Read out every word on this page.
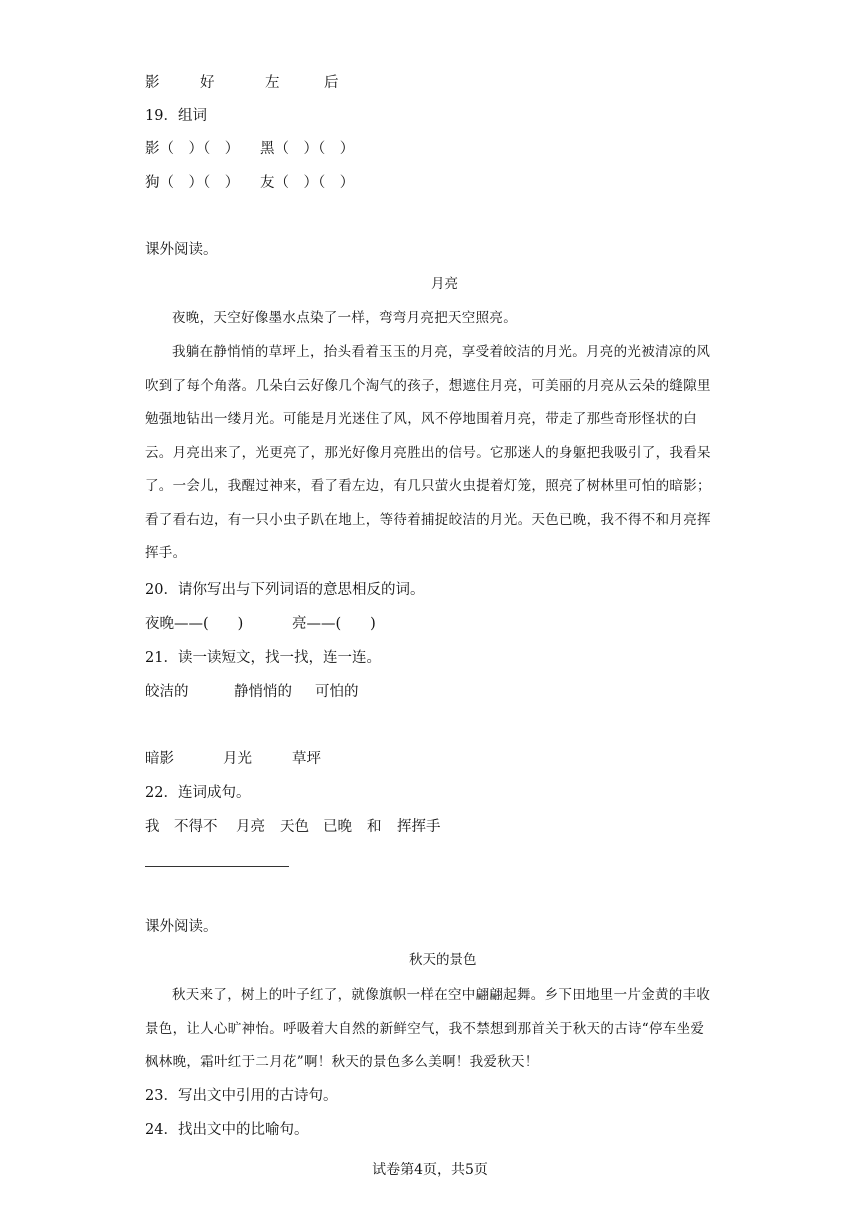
影	好	左	后
19．组词
影（　）（　） 黑（　）（　）
狗（　）（　） 友（　）（　）
课外阅读。
月亮

夜晚，天空好像墨水点染了一样，弯弯月亮把天空照亮。

我躺在静悄悄的草坪上，抬头看着玉玉的月亮，享受着皎洁的月光。月亮的光被清凉的风吹到了每个角落。几朵白云好像几个淘气的孩子，想遮住月亮，可美丽的月亮从云朵的缝隙里勉强地钻出一缕月光。可能是月光迷住了风，风不停地围着月亮，带走了那些奇形怪状的白云。月亮出来了，光更亮了，那光好像月亮胜出的信号。它那迷人的身躯把我吸引了，我看呆了。一会儿，我醒过神来，看了看左边，有几只萤火虫提着灯笼，照亮了树林里可怕的暗影；看了看右边，有一只小虫子趴在地上，等待着捕捉皎洁的月光。天色已晚，我不得不和月亮挥挥手。

20．请你写出与下列词语的意思相反的词。
夜晚——(　　)	亮——(　　)
21．读一读短文，找一找，连一连。
皎洁的	静悄悄的 可怕的
暗影	月光	草坪
22．连词成句。
我 不得不 月亮 天色 已晚 和 挥挥手
课外阅读。
秋天的景色

秋天来了，树上的叶子红了，就像旗帜一样在空中翩翩起舞。乡下田地里一片金黄的丰收景色，让人心旷神怡。呼吸着大自然的新鲜空气，我不禁想到那首关于秋天的古诗“停车坐爱枫林晚，霜叶红于二月花”啊！秋天的景色多么美啊！我爱秋天！

23．写出文中引用的古诗句。
24．找出文中的比喻句。
试卷第4页，共5页
